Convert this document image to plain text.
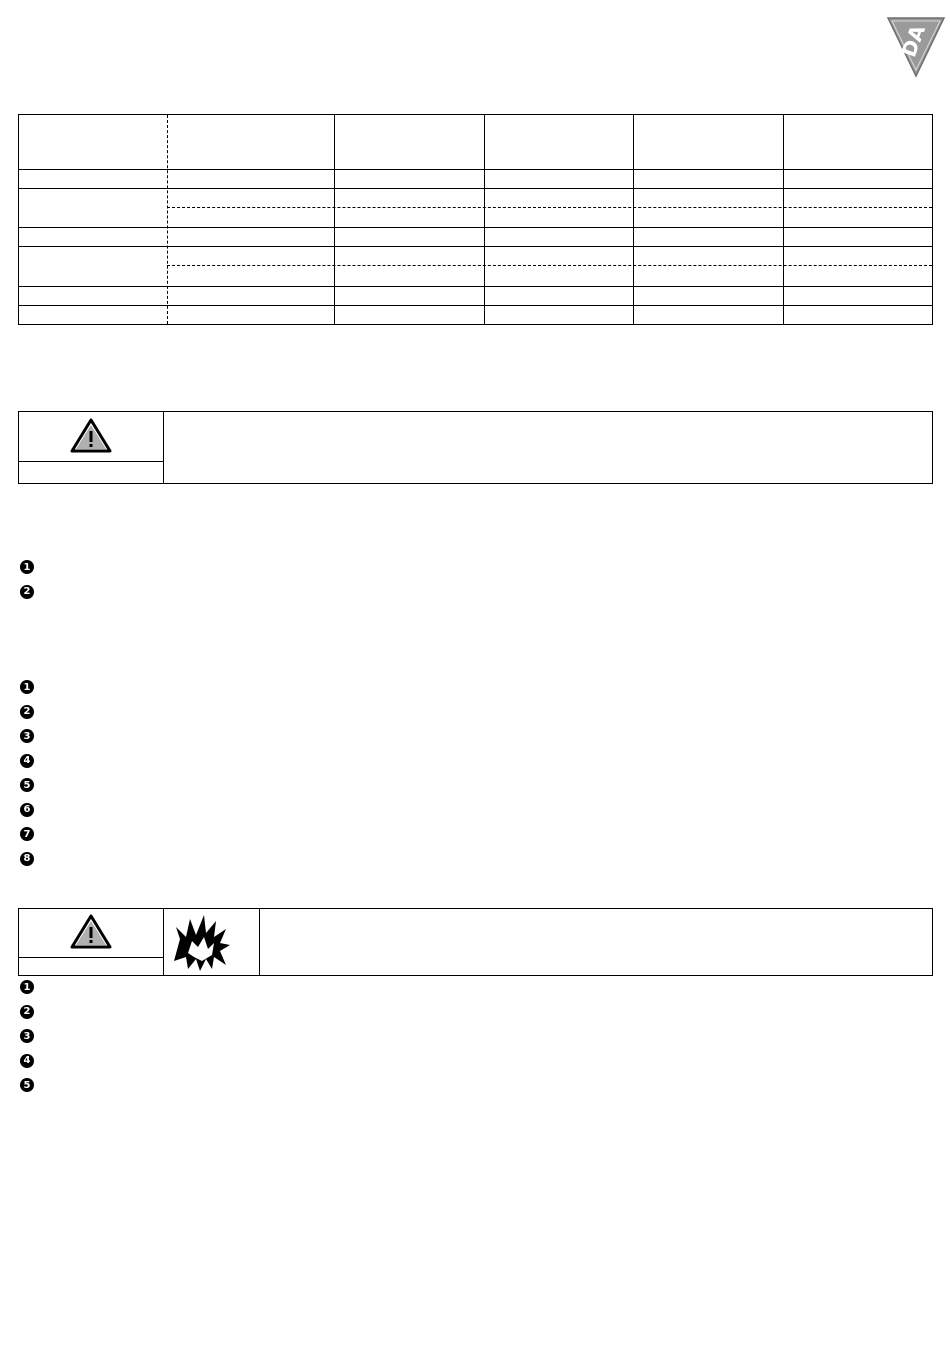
DA
1
2
1
2
3
4
5
6
7
8
1
2
3
4
5
